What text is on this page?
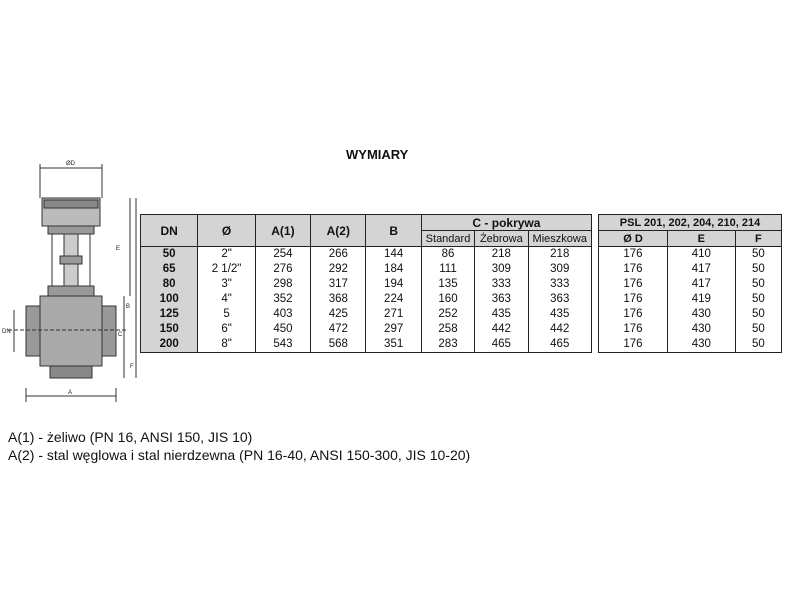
WYMIARY
ØD
E
B
C
F
DN
A
DN	Ø	A(1)	A(2)	B	C - pokrywa		
					Standard	Żebrowa	Mieszkowa
50	2"	254	266	144	86	218	218
65	2 1/2"	276	292	184	111	309	309
80	3"	298	317	194	135	333	333
100	4"	352	368	224	160	363	363
125	5	403	425	271	252	435	435
150	6"	450	472	297	258	442	442
200	8"	543	568	351	283	465	465
PSL 201, 202, 204, 210, 214		
Ø D	E	F
176	410	50
176	417	50
176	417	50
176	419	50
176	430	50
176	430	50
176	430	50
A(1) - żeliwo (PN 16, ANSI 150, JIS 10)
A(2) - stal węglowa i stal nierdzewna (PN 16-40, ANSI 150-300, JIS 10-20)
